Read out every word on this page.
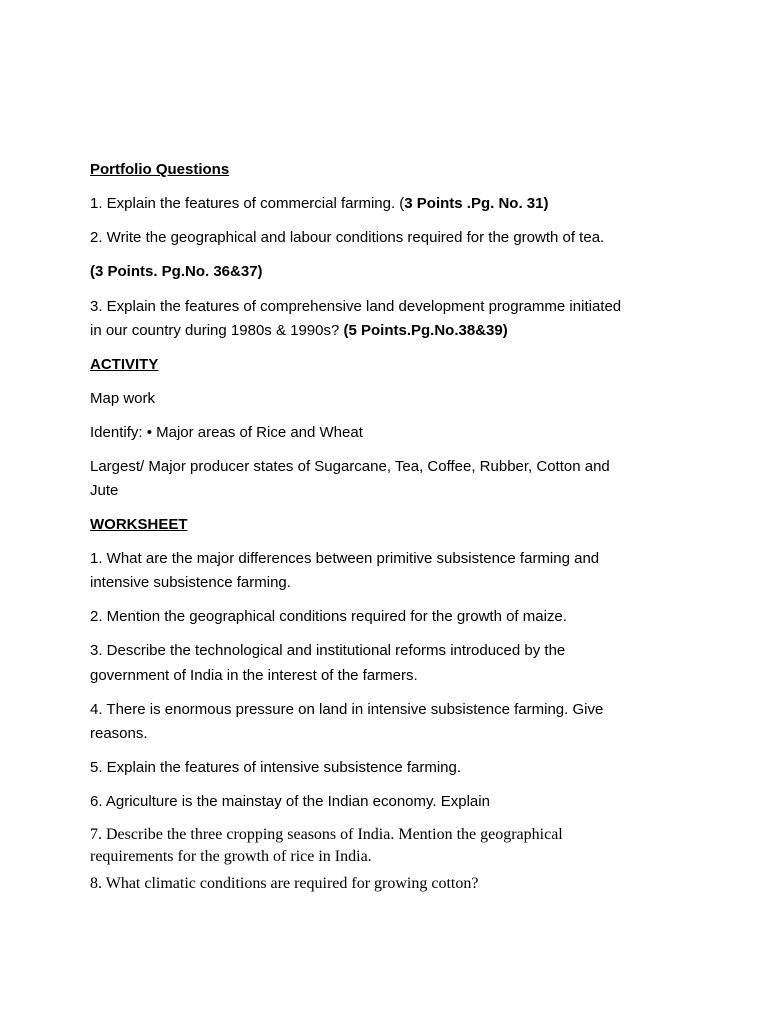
Portfolio Questions

1. Explain the features of commercial farming. (3 Points .Pg. No. 31)

2. Write the geographical and labour conditions required for the growth of tea.

(3 Points. Pg.No. 36&37)

3. Explain the features of comprehensive land development programme initiated

in our country during 1980s & 1990s? (5 Points.Pg.No.38&39)

ACTIVITY

Map work

Identify: • Major areas of Rice and Wheat

Largest/ Major producer states of Sugarcane, Tea, Coffee, Rubber, Cotton and

Jute

WORKSHEET

1. What are the major differences between primitive subsistence farming and

intensive subsistence farming.

2. Mention the geographical conditions required for the growth of maize.

3. Describe the technological and institutional reforms introduced by the

government of India in the interest of the farmers.

4. There is enormous pressure on land in intensive subsistence farming. Give

reasons.

5. Explain the features of intensive subsistence farming.

6. Agriculture is the mainstay of the Indian economy. Explain

7. Describe the three cropping seasons of India. Mention the geographical

requirements for the growth of rice in India.

8. What climatic conditions are required for growing cotton?
